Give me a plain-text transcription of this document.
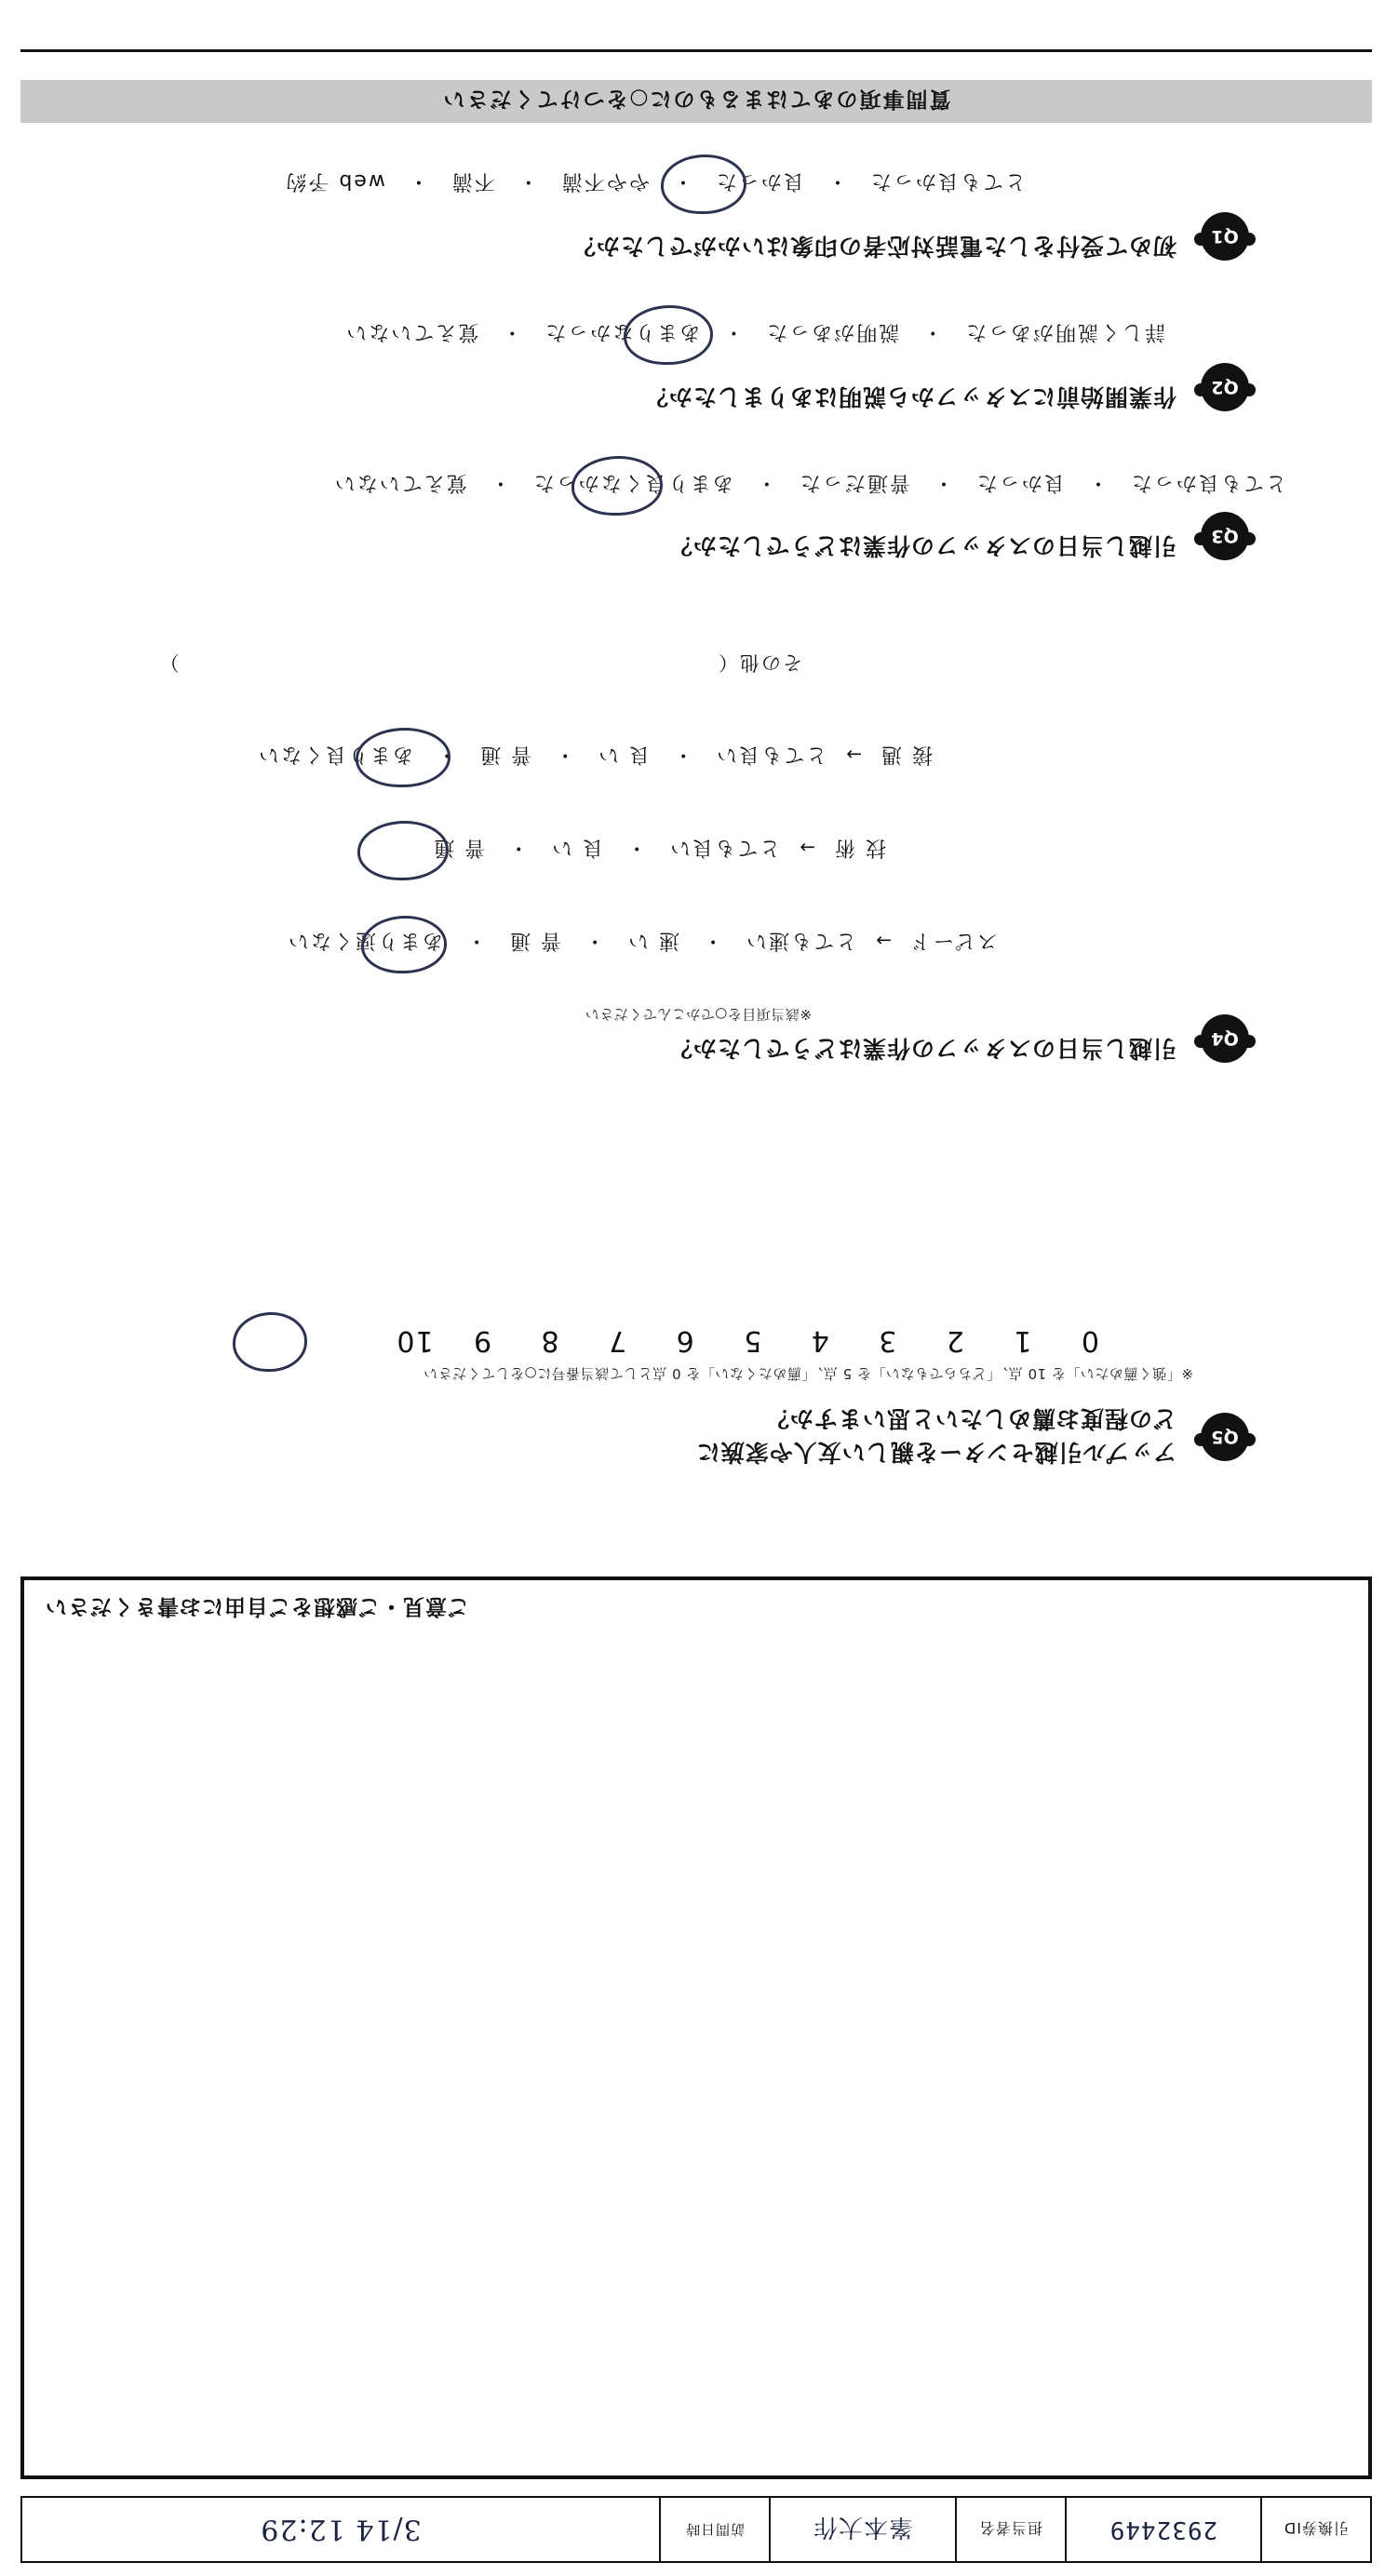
引換券ID
2932449
担当者名
峯本大作
訪問日時
3/14 12:29
ご意見・ご感想をご自由にお書きください
Q5
アップル引越センターを親しい友人や家族に
どの程度お薦めしたいと思いますか？
※「強く薦めたい」を 10 点、「どちらでもない」を 5 点、「薦めたくない」を 0 点として該当番号に○をしてください
0 1 2 3 4 5 6 7 8 9 10
Q4
引越し当日のスタッフの作業はどうでしたか？
※該当項目を○でかこんでください
スピード → とても速い ・ 速 い ・ 普 通 ・ あまり速くない
技 術 → とても良い ・ 良 い ・ 普 通
接 遇 → とても良い ・ 良 い ・ 普 通 ・ あまり良くない
その他（  ）
Q3
引越し当日のスタッフの作業はどうでしたか？
とても良かった ・ 良かった ・ 普通だった ・ あまり良くなかった ・ 覚えていない
Q2
作業開始前にスタッフから説明はありましたか？
詳しく説明があった ・ 説明があった ・ あまりなかった ・ 覚えていない
Q1
初めて受付をした電話対応者の印象はいかがでしたか？
とても良かった ・ 良かった ・ やや不満 ・ 不満 ・ web 予約
質問事項のあてはまるものに○をつけてください
